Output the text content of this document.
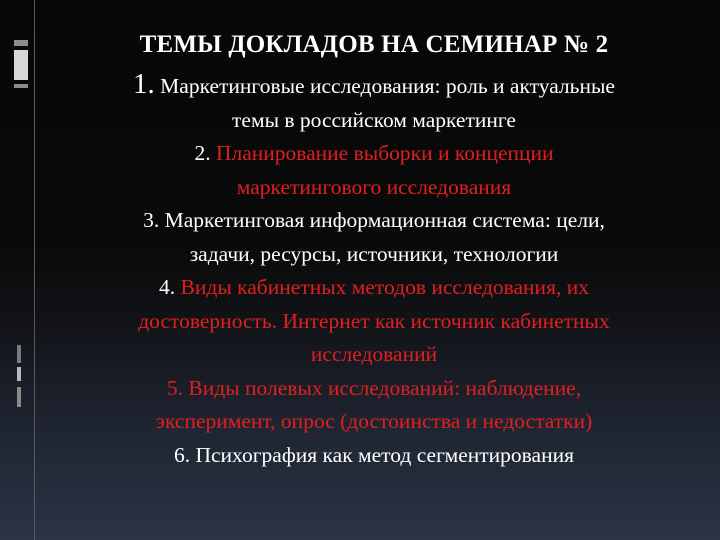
ТЕМЫ ДОКЛАДОВ НА СЕМИНАР № 2

1. Маркетинговые исследования: роль и актуальные
темы в российском маркетинге

2. Планирование выборки и концепции
маркетингового исследования

3. Маркетинговая информационная система: цели,
задачи, ресурсы, источники, технологии

4. Виды кабинетных методов исследования, их
достоверность. Интернет как источник кабинетных
исследований

5. Виды полевых исследований: наблюдение,
эксперимент, опрос (достоинства и недостатки)

6. Психография как метод сегментирования
